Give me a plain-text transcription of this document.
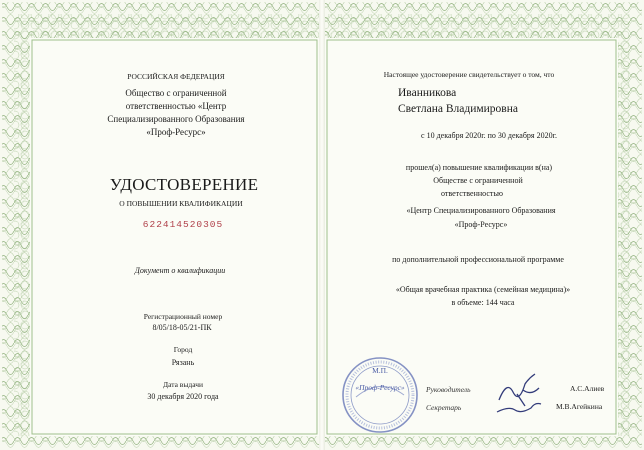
РОССИЙСКАЯ ФЕДЕРАЦИЯ
Общество с ограниченной
ответственностью «Центр
Специализированного Образования
«Проф-Ресурс»
УДОСТОВЕРЕНИЕ
О ПОВЫШЕНИИ КВАЛИФИКАЦИИ
622414520305
Документ о квалификации
Регистрационный номер
8/05/18-05/21-ПК
Город
Рязань
Дата выдачи
30 декабря 2020 года
Настоящее удостоверение свидетельствует о том, что
Иванникова
Светлана Владимировна
с 10 декабря 2020г. по 30 декабря 2020г.
прошел(а) повышение квалификации в(на)
Обществе с ограниченной
ответственностью
«Центр Специализированного Образования
«Проф-Ресурс»
по дополнительной профессиональной программе
«Общая врачебная практика (семейная медицина)»
в объеме: 144 часа
М.П.
«Проф-Ресурс»	Руководитель
Секретарь
А.С.Алиев
М.В.Агейкина
